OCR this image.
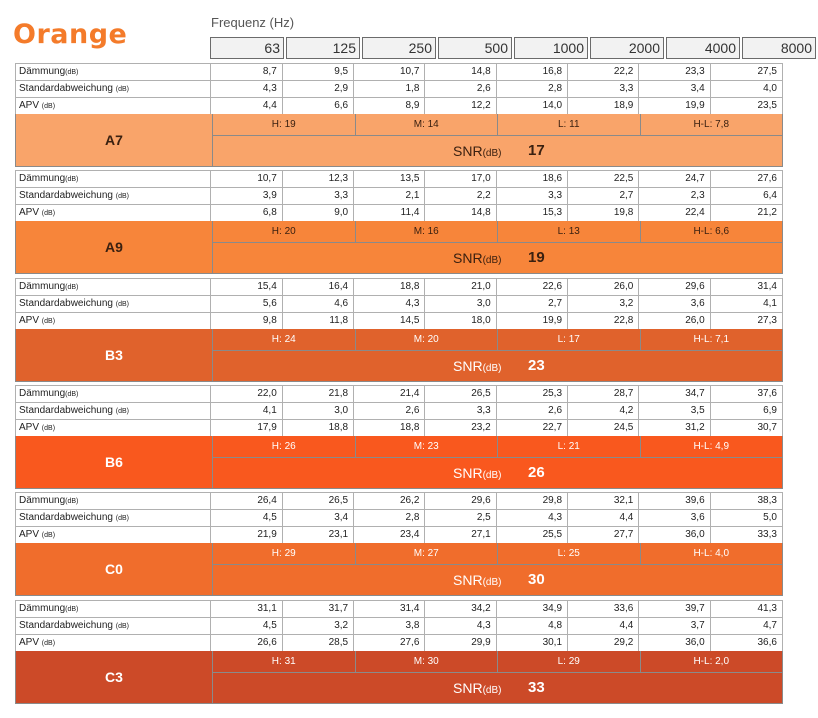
Orange	Frequenz (Hz)
63	125	250	500	1000	2000	4000	8000
Dämmung(dB)	8,7	9,5	10,7	14,8	16,8	22,2	23,3	27,5
Standardabweichung (dB)	4,3	2,9	1,8	2,6	2,8	3,3	3,4	4,0
APV (dB)	4,4	6,6	8,9	12,2	14,0	18,9	19,9	23,5
A7
H: 19	M: 14	L: 11	H-L: 7,8
SNR(dB) 17
Dämmung(dB)	10,7	12,3	13,5	17,0	18,6	22,5	24,7	27,6
Standardabweichung (dB)	3,9	3,3	2,1	2,2	3,3	2,7	2,3	6,4
APV (dB)	6,8	9,0	11,4	14,8	15,3	19,8	22,4	21,2
A9
H: 20	M: 16	L: 13	H-L: 6,6
SNR(dB) 19
Dämmung(dB)	15,4	16,4	18,8	21,0	22,6	26,0	29,6	31,4
Standardabweichung (dB)	5,6	4,6	4,3	3,0	2,7	3,2	3,6	4,1
APV (dB)	9,8	11,8	14,5	18,0	19,9	22,8	26,0	27,3
B3
H: 24	M: 20	L: 17	H-L: 7,1
SNR(dB) 23
Dämmung(dB)	22,0	21,8	21,4	26,5	25,3	28,7	34,7	37,6
Standardabweichung (dB)	4,1	3,0	2,6	3,3	2,6	4,2	3,5	6,9
APV (dB)	17,9	18,8	18,8	23,2	22,7	24,5	31,2	30,7
B6
H: 26	M: 23	L: 21	H-L: 4,9
SNR(dB) 26
Dämmung(dB)	26,4	26,5	26,2	29,6	29,8	32,1	39,6	38,3
Standardabweichung (dB)	4,5	3,4	2,8	2,5	4,3	4,4	3,6	5,0
APV (dB)	21,9	23,1	23,4	27,1	25,5	27,7	36,0	33,3
C0
H: 29	M: 27	L: 25	H-L: 4,0
SNR(dB) 30
Dämmung(dB)	31,1	31,7	31,4	34,2	34,9	33,6	39,7	41,3
Standardabweichung (dB)	4,5	3,2	3,8	4,3	4,8	4,4	3,7	4,7
APV (dB)	26,6	28,5	27,6	29,9	30,1	29,2	36,0	36,6
C3
H: 31	M: 30	L: 29	H-L: 2,0
SNR(dB) 33
